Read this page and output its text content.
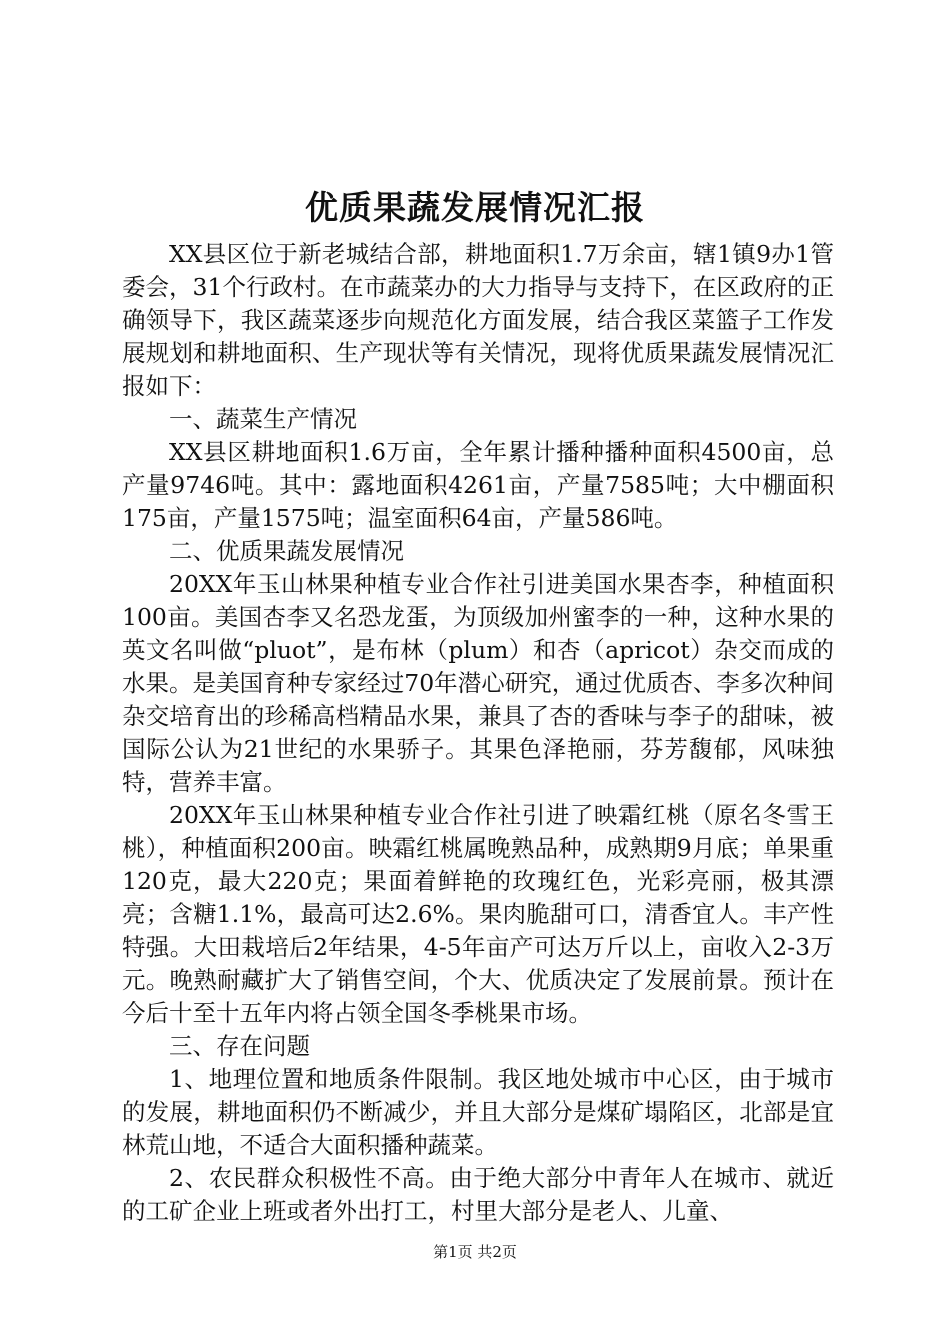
优质果蔬发展情况汇报

XX县区位于新老城结合部，耕地面积1.7万余亩，辖1镇9办1管委会，31个行政村。在市蔬菜办的大力指导与支持下，在区政府的正确领导下，我区蔬菜逐步向规范化方面发展，结合我区菜篮子工作发展规划和耕地面积、生产现状等有关情况，现将优质果蔬发展情况汇报如下：

一、蔬菜生产情况

XX县区耕地面积1.6万亩，全年累计播种播种面积4500亩，总产量9746吨。其中：露地面积4261亩，产量7585吨；大中棚面积175亩，产量1575吨；温室面积64亩，产量586吨。

二、优质果蔬发展情况

20XX年玉山林果种植专业合作社引进美国水果杏李，种植面积100亩。美国杏李又名恐龙蛋，为顶级加州蜜李的一种，这种水果的英文名叫做“pluot”，是布林（plum）和杏（apricot）杂交而成的水果。是美国育种专家经过70年潜心研究，通过优质杏、李多次种间杂交培育出的珍稀高档精品水果，兼具了杏的香味与李子的甜味，被国际公认为21世纪的水果骄子。其果色泽艳丽，芬芳馥郁，风味独特，营养丰富。

20XX年玉山林果种植专业合作社引进了映霜红桃（原名冬雪王桃），种植面积200亩。映霜红桃属晚熟品种，成熟期9月底；单果重120克，最大220克；果面着鲜艳的玫瑰红色，光彩亮丽，极其漂亮；含糖1.1%，最高可达2.6%。果肉脆甜可口，清香宜人。丰产性特强。大田栽培后2年结果，4-5年亩产可达万斤以上，亩收入2-3万元。晚熟耐藏扩大了销售空间，个大、优质决定了发展前景。预计在今后十至十五年内将占领全国冬季桃果市场。

三、存在问题

1、地理位置和地质条件限制。我区地处城市中心区，由于城市的发展，耕地面积仍不断减少，并且大部分是煤矿塌陷区，北部是宜林荒山地，不适合大面积播种蔬菜。

2、农民群众积极性不高。由于绝大部分中青年人在城市、就近的工矿企业上班或者外出打工，村里大部分是老人、儿童、

第1页 共2页
